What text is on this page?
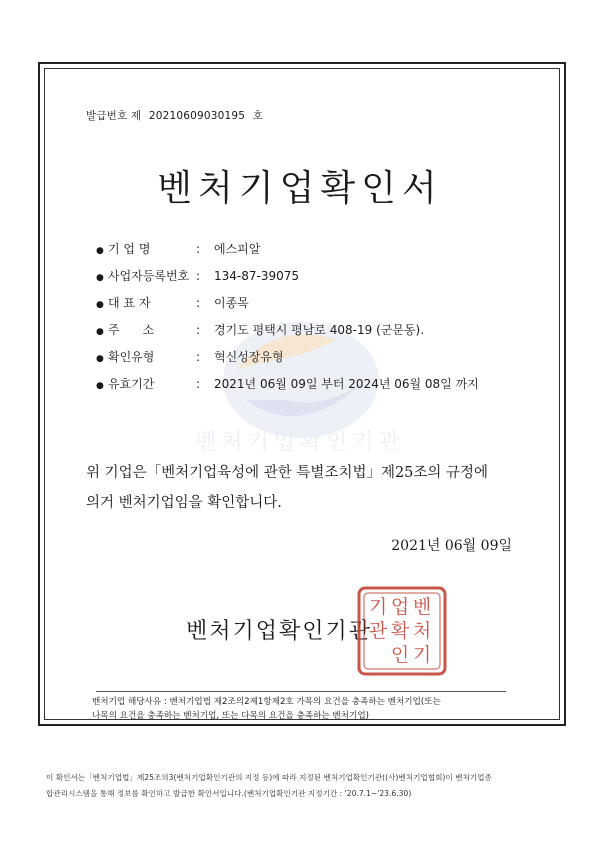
발급번호 제 20210609030195 호
벤처기업확인서
벤처기업확인기관
● 기 업 명	:	에스피알
● 사업자등록번호 :	134-87-39075
● 대 표 자	:	이종목
● 주      소	:	경기도 평택시 평남로 408-19 (군문동).
● 확인유형	:	혁신성장유형
● 유효기간	:	2021년 06월 09일 부터 2024년 06월 08일 까지
위 기업은「벤처기업육성에 관한 특별조치법」제25조의 규정에
의거 벤처기업임을 확인합니다.
2021년 06월 09일
벤처기업확인기관
벤
처
기
업
확
인
기
관
벤처기업 해당사유 : 벤처기업법 제2조의2제1항제2호 가목의 요건을 충족하는 벤처기업(또는
나목의 요건을 충족하는 벤처기업, 또는 다목의 요건을 충족하는 벤처기업)
이 확인서는「벤처기업법」제25조의3(벤처기업확인기관의 지정 등)에 따라 지정된 벤처기업확인기관((사)벤처기업협회)이 벤처기업종
합관리시스템을 통해 정보를 확인하고 발급한 확인서입니다.(벤처기업확인기관 지정기간 : '20.7.1~'23.6.30)
